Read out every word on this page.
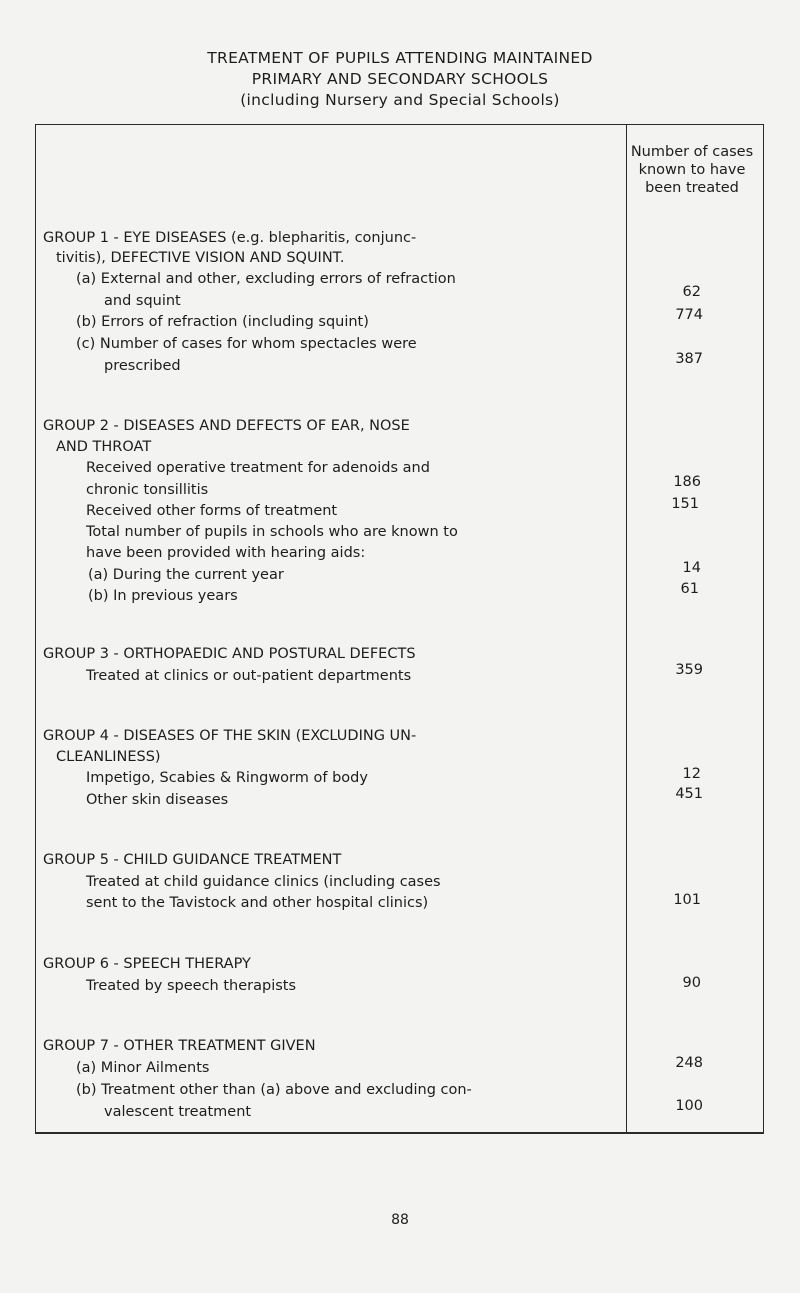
TREATMENT OF PUPILS ATTENDING MAINTAINED
PRIMARY AND SECONDARY SCHOOLS
(including Nursery and Special Schools)
Number of cases
known to have
been treated
GROUP 1 - EYE DISEASES (e.g. blepharitis, conjunc-
tivitis), DEFECTIVE VISION AND SQUINT.
(a) External and other, excluding errors of refraction
and squint
62
(b) Errors of refraction (including squint)	774
(c) Number of cases for whom spectacles were
prescribed	387
GROUP 2 - DISEASES AND DEFECTS OF EAR, NOSE
AND THROAT
Received operative treatment for adenoids and
chronic tonsillitis	186
Received other forms of treatment	151
Total number of pupils in schools who are known to
have been provided with hearing aids:
(a) During the current year	14
(b) In previous years	61
GROUP 3 - ORTHOPAEDIC AND POSTURAL DEFECTS
Treated at clinics or out-patient departments	359
GROUP 4 - DISEASES OF THE SKIN (EXCLUDING UN-
CLEANLINESS)
Impetigo, Scabies & Ringworm of body	12
Other skin diseases	451
GROUP 5 - CHILD GUIDANCE TREATMENT
Treated at child guidance clinics (including cases
sent to the Tavistock and other hospital clinics)	101
GROUP 6 - SPEECH THERAPY
Treated by speech therapists	90
GROUP 7 - OTHER TREATMENT GIVEN
(a) Minor Ailments	248
(b) Treatment other than (a) above and excluding con-
valescent treatment	100
88
